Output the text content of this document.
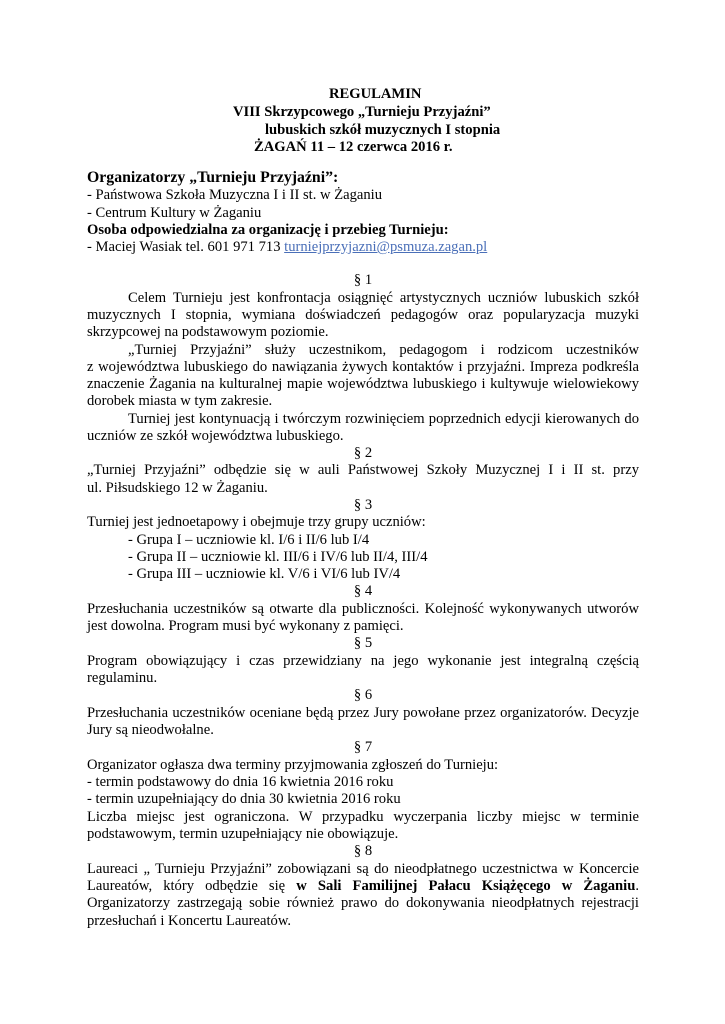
REGULAMIN
VIII Skrzypcowego „Turnieju Przyjaźni”
lubuskich szkół muzycznych I stopnia
ŻAGAŃ 11 – 12 czerwca 2016 r.
Organizatorzy „Turnieju Przyjaźni”:
- Państwowa Szkoła Muzyczna I i II st. w Żaganiu
- Centrum Kultury w Żaganiu
Osoba odpowiedzialna za organizację i przebieg Turnieju:
- Maciej Wasiak tel. 601 971 713 turniejprzyjazni@psmuza.zagan.pl
§ 1
Celem Turnieju jest konfrontacja osiągnięć artystycznych uczniów lubuskich szkół
muzycznych I stopnia, wymiana doświadczeń pedagogów oraz popularyzacja muzyki
skrzypcowej na podstawowym poziomie.
„Turniej Przyjaźni” służy uczestnikom, pedagogom i rodzicom uczestników
z województwa lubuskiego do nawiązania żywych kontaktów i przyjaźni. Impreza podkreśla
znaczenie Żagania na kulturalnej mapie województwa lubuskiego i kultywuje wielowiekowy
dorobek miasta w tym zakresie.
Turniej jest kontynuacją i twórczym rozwinięciem poprzednich edycji kierowanych do
uczniów ze szkół województwa lubuskiego.
§ 2
„Turniej Przyjaźni” odbędzie się w auli Państwowej Szkoły Muzycznej I i II st. przy
ul. Piłsudskiego 12 w Żaganiu.
§ 3
Turniej jest jednoetapowy i obejmuje trzy grupy uczniów:
- Grupa I – uczniowie kl. I/6 i II/6 lub I/4
- Grupa II – uczniowie kl. III/6 i IV/6 lub II/4, III/4
- Grupa III – uczniowie kl. V/6 i VI/6 lub IV/4
§ 4
Przesłuchania uczestników są otwarte dla publiczności. Kolejność wykonywanych utworów
jest dowolna. Program musi być wykonany z pamięci.
§ 5
Program obowiązujący i czas przewidziany na jego wykonanie jest integralną częścią
regulaminu.
§ 6
Przesłuchania uczestników oceniane będą przez Jury powołane przez organizatorów. Decyzje
Jury są nieodwołalne.
§ 7
Organizator ogłasza dwa terminy przyjmowania zgłoszeń do Turnieju:
- termin podstawowy do dnia 16 kwietnia 2016 roku
- termin uzupełniający do dnia 30 kwietnia 2016 roku
Liczba miejsc jest ograniczona. W przypadku wyczerpania liczby miejsc w terminie
podstawowym, termin uzupełniający nie obowiązuje.
§ 8
Laureaci „ Turnieju Przyjaźni” zobowiązani są do nieodpłatnego uczestnictwa w Koncercie
Laureatów, który odbędzie się w Sali Familijnej Pałacu Książęcego w Żaganiu.
Organizatorzy zastrzegają sobie również prawo do dokonywania nieodpłatnych rejestracji
przesłuchań i Koncertu Laureatów.
